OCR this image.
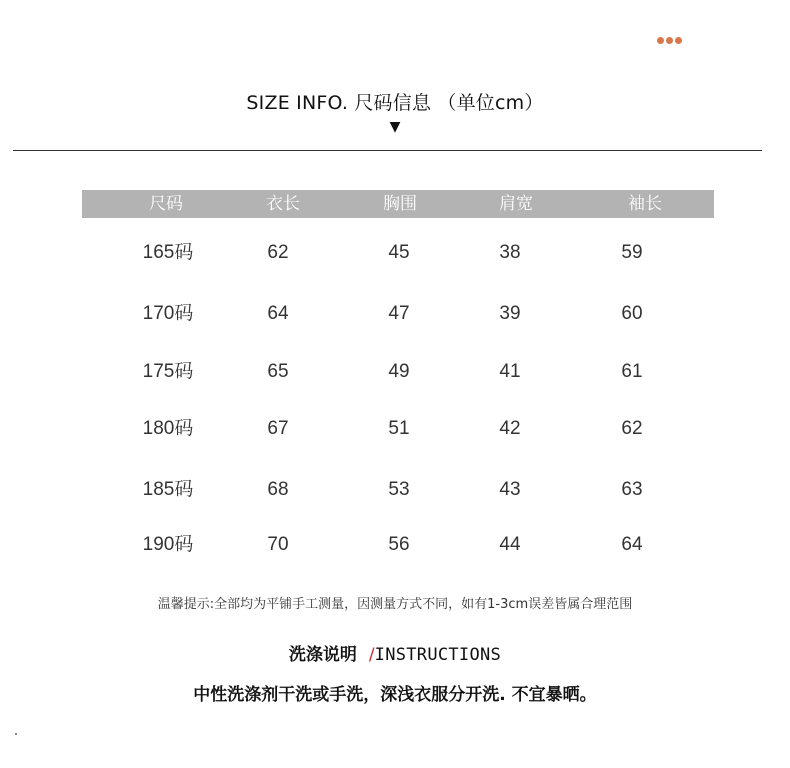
SIZE INFO. 尺码信息 （单位cm）
▼
尺码	衣长	胸围	肩宽	袖长
165码	62	45	38	59
170码	64	47	39	60
175码	65	49	41	61
180码	67	51	42	62
185码	68	53	43	63
190码	70	56	44	64
温馨提示:全部均为平铺手工测量，因测量方式不同，如有1-3cm误差皆属合理范围
洗涤说明 /INSTRUCTIONS
中性洗涤剂干洗或手洗，深浅衣服分开洗. 不宜暴晒。
